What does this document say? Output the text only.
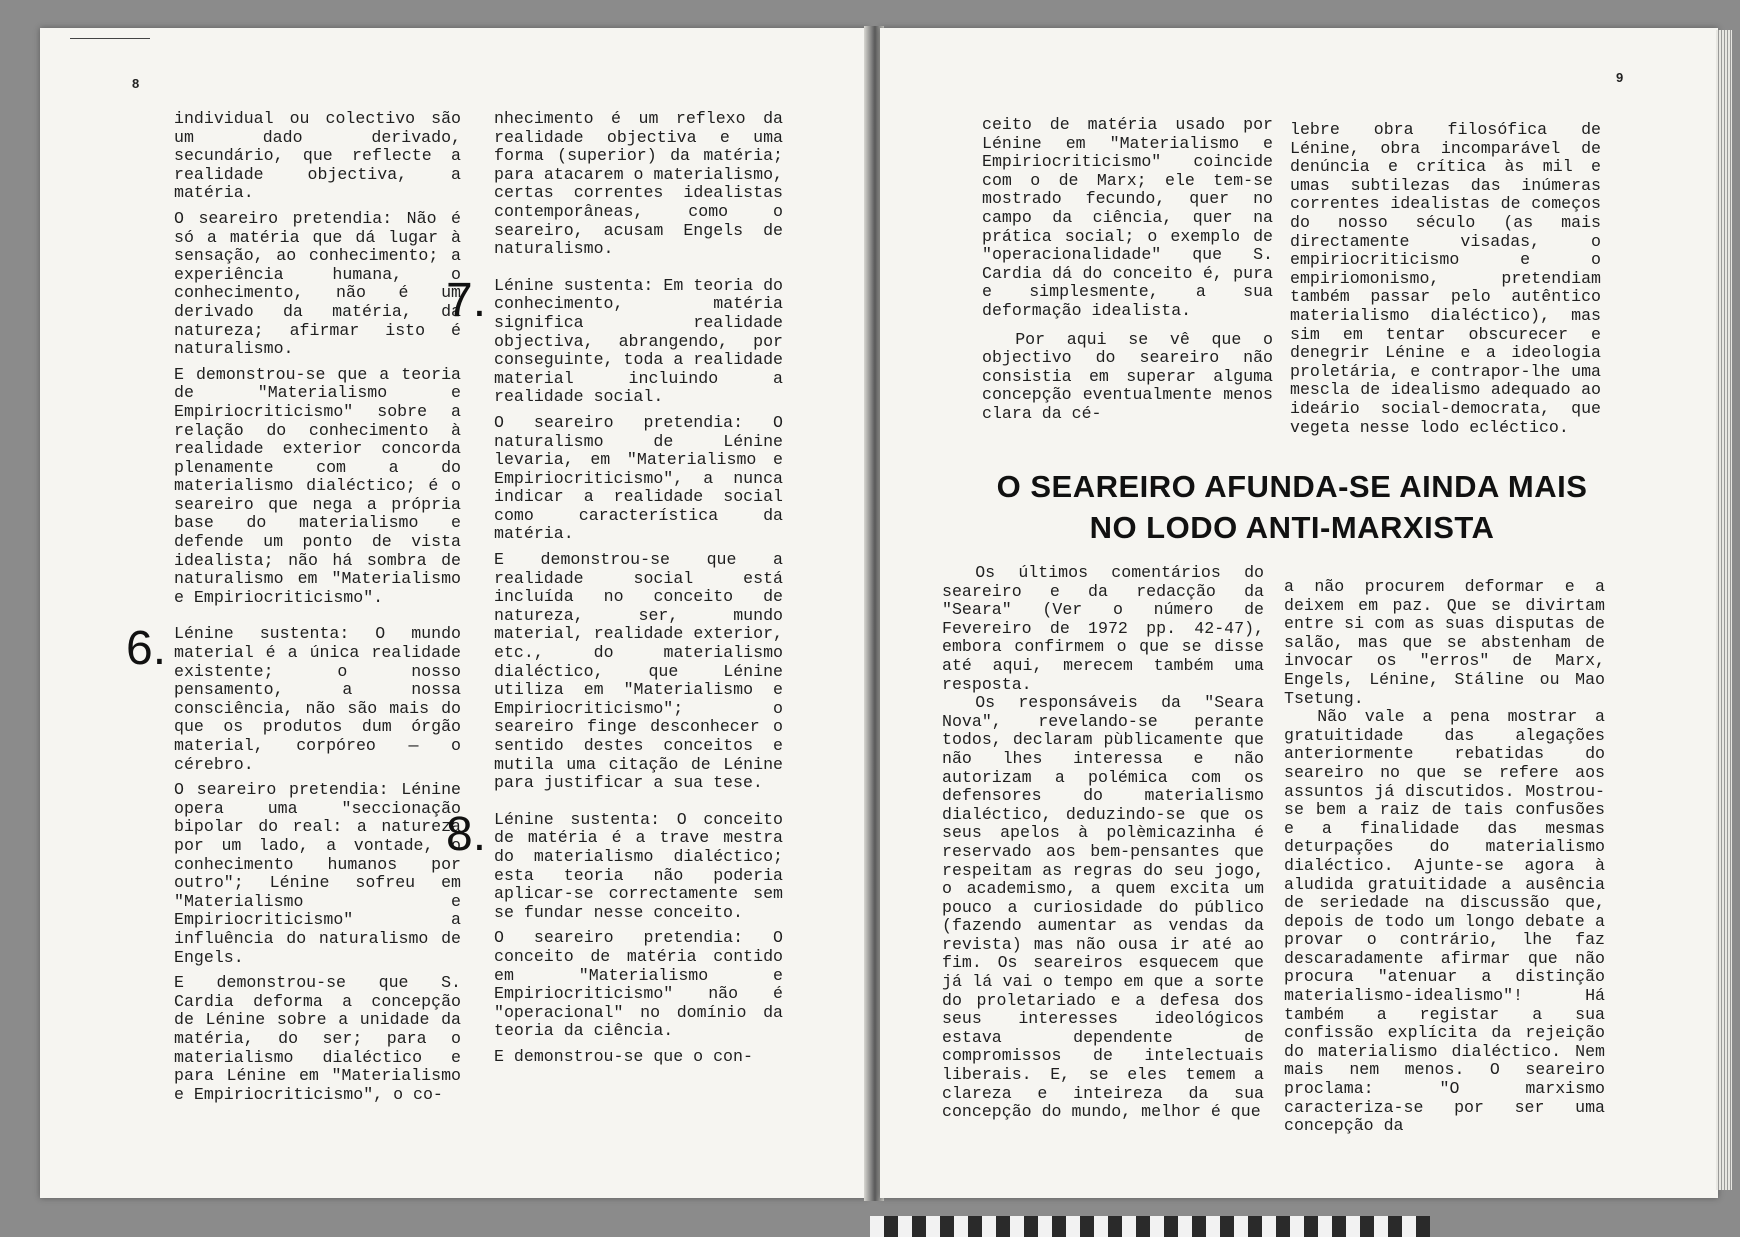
8

individual ou colectivo são um dado derivado, secundário, que reflecte a realidade objectiva, a matéria.

O seareiro pretendia: Não é só a matéria que dá lugar à sensação, ao conhecimento; a experiência humana, o conhecimento, não é um derivado da matéria, da natureza; afirmar isto é naturalismo.

E demonstrou-se que a teoria de "Materialismo e Empiriocriticismo" sobre a relação do conhecimento à realidade exterior concorda plenamente com a do materialismo dialéctico; é o seareiro que nega a própria base do materialismo e defende um ponto de vista idealista; não há sombra de naturalismo em "Materialismo e Empiriocriticismo".

6. Lénine sustenta: O mundo material é a única realidade existente; o nosso pensamento, a nossa consciência, não são mais do que os produtos dum órgão material, corpóreo — o cérebro.

O seareiro pretendia: Lénine opera uma "seccionação bipolar do real: a natureza por um lado, a vontade, o conhecimento humanos por outro"; Lénine sofreu em "Materialismo e Empiriocriticismo" a influência do naturalismo de Engels.

E demonstrou-se que S. Cardia deforma a concepção de Lénine sobre a unidade da matéria, do ser; para o materialismo dialéctico e para Lénine em "Materialismo e Empiriocriticismo", o co-

nhecimento é um reflexo da realidade objectiva e uma forma (superior) da matéria; para atacarem o materialismo, certas correntes idealistas contemporâneas, como o seareiro, acusam Engels de naturalismo.

7. Lénine sustenta: Em teoria do conhecimento, matéria significa realidade objectiva, abrangendo, por conseguinte, toda a realidade material incluindo a realidade social.

O seareiro pretendia: O naturalismo de Lénine levaria, em "Materialismo e Empiriocriticismo", a nunca indicar a realidade social como característica da matéria.

E demonstrou-se que a realidade social está incluída no conceito de natureza, ser, mundo material, realidade exterior, etc., do materialismo dialéctico, que Lénine utiliza em "Materialismo e Empiriocriticismo"; o seareiro finge desconhecer o sentido destes conceitos e mutila uma citação de Lénine para justificar a sua tese.

8. Lénine sustenta: O conceito de matéria é a trave mestra do materialismo dialéctico; esta teoria não poderia aplicar-se correctamente sem se fundar nesse conceito.

O seareiro pretendia: O conceito de matéria contido em "Materialismo e Empiriocriticismo" não é "operacional" no domínio da teoria da ciência.

E demonstrou-se que o con-

9

ceito de matéria usado por Lénine em "Materialismo e Empiriocriticismo" coincide com o de Marx; ele tem-se mostrado fecundo, quer no campo da ciência, quer na prática social; o exemplo de "operacionalidade" que S. Cardia dá do conceito é, pura e simplesmente, a sua deformação idealista.

Por aqui se vê que o objectivo do seareiro não consistia em superar alguma concepção eventualmente menos clara da cé-

lebre obra filosófica de Lénine, obra incomparável de denúncia e crítica às mil e umas subtilezas das inúmeras correntes idealistas de começos do nosso século (as mais directamente visadas, o empiriocriticismo e o empiriomonismo, pretendiam também passar pelo autêntico materialismo dialéctico), mas sim em tentar obscurecer e denegrir Lénine e a ideologia proletária, e contrapor-lhe uma mescla de idealismo adequado ao ideário social-democrata, que vegeta nesse lodo ecléctico.

Os últimos comentários do seareiro e da redacção da "Seara" (Ver o número de Fevereiro de 1972 pp. 42-47), embora confirmem o que se disse até aqui, merecem também uma resposta.

Os responsáveis da "Seara Nova", revelando-se perante todos, declaram pùblicamente que não lhes interessa e não autorizam a polémica com os defensores do materialismo dialéctico, deduzindo-se que os seus apelos à polèmicazinha é reservado aos bem-pensantes que respeitam as regras do seu jogo, o academismo, a quem excita um pouco a curiosidade do público (fazendo aumentar as vendas da revista) mas não ousa ir até ao fim. Os seareiros esquecem que já lá vai o tempo em que a sorte do proletariado e a defesa dos seus interesses ideológicos estava dependente de compromissos de intelectuais liberais. E, se eles temem a clareza e inteireza da sua concepção do mundo, melhor é que

a não procurem deformar e a deixem em paz. Que se divirtam entre si com as suas disputas de salão, mas que se abstenham de invocar os "erros" de Marx, Engels, Lénine, Stáline ou Mao Tsetung.

Não vale a pena mostrar a gratuitidade das alegações anteriormente rebatidas do seareiro no que se refere aos assuntos já discutidos. Mostrou-se bem a raiz de tais confusões e a finalidade das mesmas deturpações do materialismo dialéctico. Ajunte-se agora à aludida gratuitidade a ausência de seriedade na discussão que, depois de todo um longo debate a provar o contrário, lhe faz descaradamente afirmar que não procura "atenuar a distinção materialismo-idealismo"! Há também a registar a sua confissão explícita da rejeição do materialismo dialéctico. Nem mais nem menos. O seareiro proclama: "O marxismo caracteriza-se por ser uma concepção da

O SEAREIRO AFUNDA-SE AINDA MAIS
NO LODO ANTI-MARXISTA
